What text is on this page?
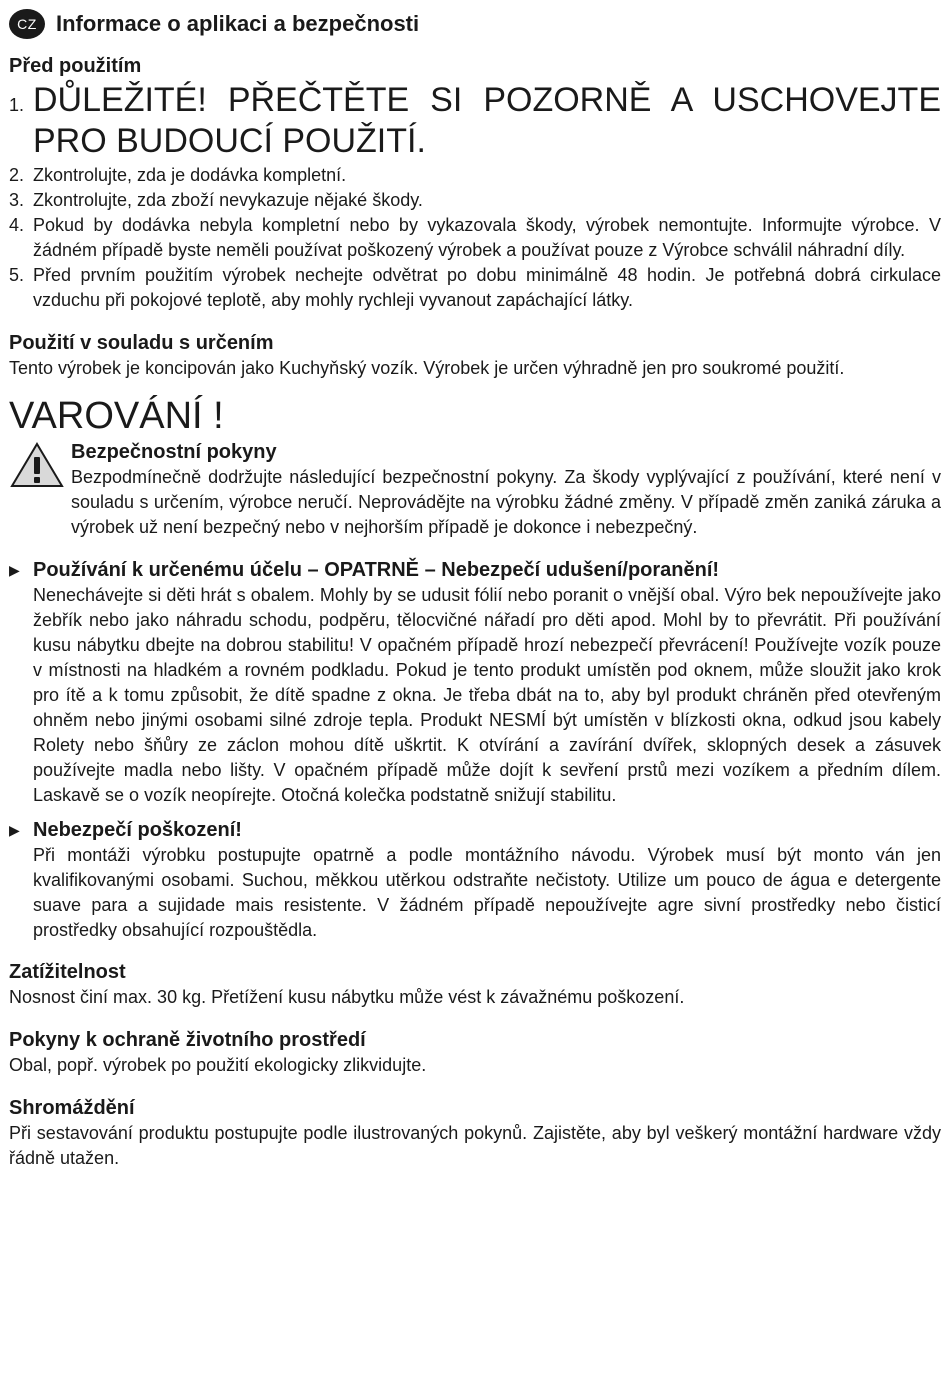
CZ Informace o aplikaci a bezpečnosti
Před použitím
1. DŮLEŽITÉ! PŘEČTĚTE SI POZORNĚ A USCHOVEJTE PRO BUDOUCÍ POUŽITÍ.
2. Zkontrolujte, zda je dodávka kompletní.
3. Zkontrolujte, zda zboží nevykazuje nějaké škody.
4. Pokud by dodávka nebyla kompletní nebo by vykazovala škody, výrobek nemontujte. Informujte výrobce. V žádném případě byste neměli používat poškozený výrobek a používat pouze z Výrobce schválil náhradní díly.
5. Před prvním použitím výrobek nechejte odvětrat po dobu minimálně 48 hodin. Je potřebná dobrá cirkulace vzduchu při pokojové teplotě, aby mohly rychleji vyvanout zapáchající látky.
Použití v souladu s určením
Tento výrobek je koncipován jako Kuchyňský vozík. Výrobek je určen výhradně jen pro soukromé použití.
VAROVÁNÍ !
Bezpečnostní pokyny
Bezpodmínečně dodržujte následující bezpečnostní pokyny. Za škody vyplývající z používání, které není v souladu s určením, výrobce neručí. Neprovádějte na výrobku žádné změny. V případě změn zaniká záruka a výrobek už není bezpečný nebo v nejhorším případě je dokonce i nebezpečný.
▶ Používání k určenému účelu – OPATRNĚ – Nebezpečí udušení/poranění!
Nenechávejte si děti hrát s obalem. Mohly by se udusit fólií nebo poranit o vnější obal. Výro bek nepoužívejte jako žebřík nebo jako náhradu schodu, podpěru, tělocvičné nářadí pro děti apod. Mohl by to převrátit. Při používání kusu nábytku dbejte na dobrou stabilitu! V opačném případě hrozí nebezpečí převrácení! Používejte vozík pouze v místnosti na hladkém a rovném podkladu. Pokud je tento produkt umístěn pod oknem, může sloužit jako krok pro ítě a k tomu způsobit, že dítě spadne z okna. Je třeba dbát na to, aby byl produkt chráněn před otevřeným ohněm nebo jinými osobami silné zdroje tepla. Produkt NESMÍ být umístěn v blízkosti okna, odkud jsou kabely Rolety nebo šňůry ze záclon mohou dítě uškrtit. K otvírání a zavírání dvířek, sklopných desek a zásuvek používejte madla nebo lišty. V opačném případě může dojít k sevření prstů mezi vozíkem a předním dílem. Laskavě se o vozík neopírejte. Otočná kolečka podstatně snižují stabilitu.
▶ Nebezpečí poškození!
Při montáži výrobku postupujte opatrně a podle montážního návodu. Výrobek musí být monto ván jen kvalifikovanými osobami. Suchou, měkkou utěrkou odstraňte nečistoty. Utilize um pouco de água e detergente suave para a sujidade mais resistente. V žádném případě nepoužívejte agre sivní prostředky nebo čisticí prostředky obsahující rozpouštědla.
Zatížitelnost
Nosnost činí max. 30 kg. Přetížení kusu nábytku může vést k závažnému poškození.
Pokyny k ochraně životního prostředí
Obal, popř. výrobek po použití ekologicky zlikvidujte.
Shromáždění
Při sestavování produktu postupujte podle ilustrovaných pokynů. Zajistěte, aby byl veškerý montážní hardware vždy řádně utažen.
